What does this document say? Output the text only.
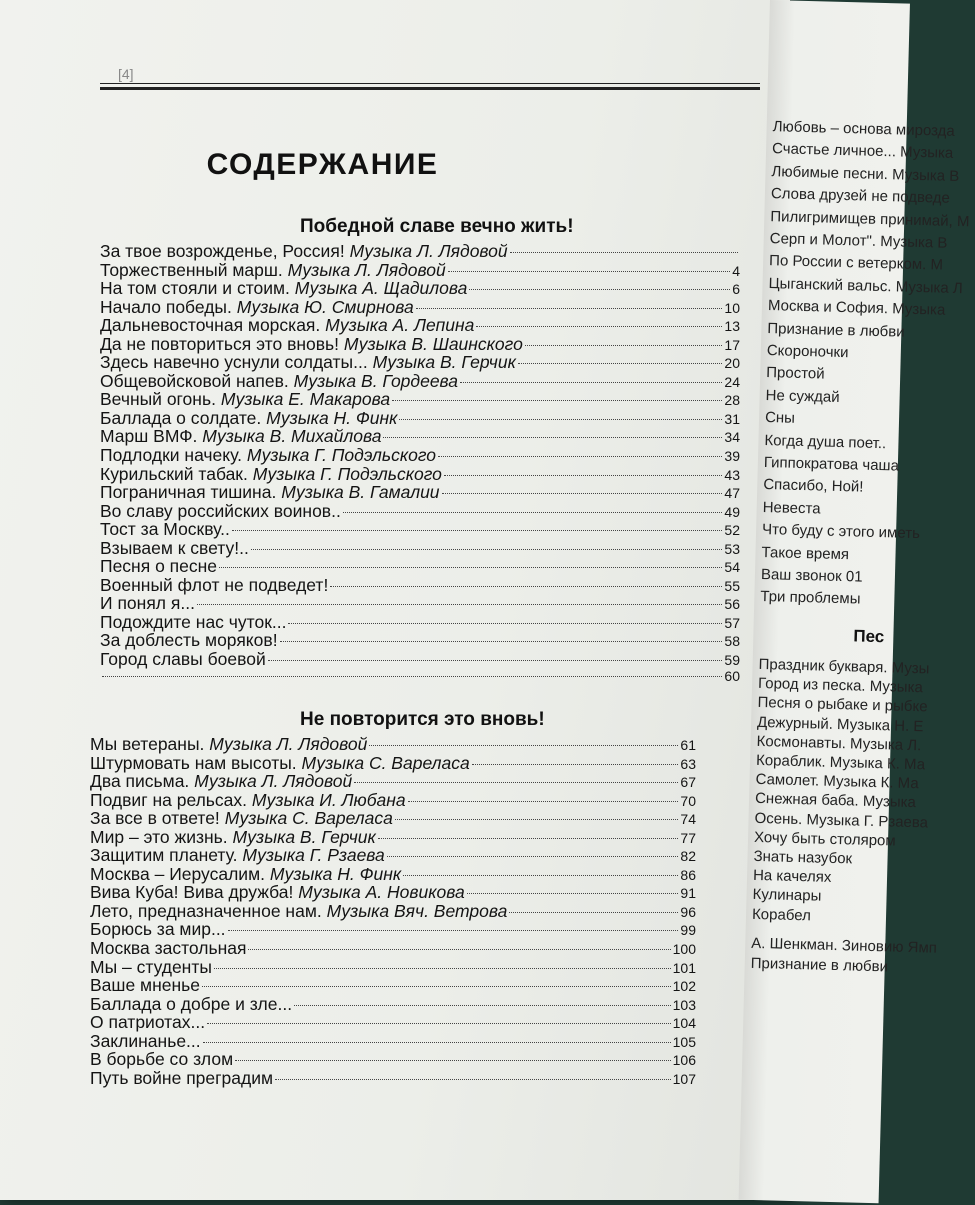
[4]
СОДЕРЖАНИЕ
Победной славе вечно жить!
За твое возрожденье, Россия! Музыка Л. Лядовой
Торжественный марш. Музыка Л. Лядовой	4
На том стояли и стоим. Музыка А. Щадилова	6
Начало победы. Музыка Ю. Смирнова	10
Дальневосточная морская. Музыка А. Лепина	13
Да не повториться это вновь! Музыка В. Шаинского	17
Здесь навечно уснули солдаты... Музыка В. Герчик	20
Общевойсковой напев. Музыка В. Гордеева	24
Вечный огонь. Музыка Е. Макарова	28
Баллада о солдате. Музыка Н. Финк	31
Марш ВМФ. Музыка В. Михайлова	34
Подлодки начеку. Музыка Г. Подэльского	39
Курильский табак. Музыка Г. Подэльского	43
Пограничная тишина. Музыка В. Гамалии	47
Во славу российских воинов..	49
Тост за Москву..	52
Взываем к свету!..	53
Песня о песне	54
Военный флот не подведет!	55
И понял я...	56
Подождите нас чуток...	57
За доблесть моряков!	58
Город славы боевой	59
60
Не повторится это вновь!
Мы ветераны. Музыка Л. Лядовой	61
Штурмовать нам высоты. Музыка С. Вареласа	63
Два письма. Музыка Л. Лядовой	67
Подвиг на рельсах. Музыка И. Любана	70
За все в ответе! Музыка С. Вареласа	74
Мир – это жизнь. Музыка В. Герчик	77
Защитим планету. Музыка Г. Рзаева	82
Москва – Иерусалим. Музыка Н. Финк	86
Вива Куба! Вива дружба! Музыка А. Новикова	91
Лето, предназначенное нам. Музыка Вяч. Ветрова	96
Борюсь за мир...	99
Москва застольная	100
Мы – студенты	101
Ваше мненье	102
Баллада о добре и зле...	103
О патриотах...	104
Заклинанье...	105
В борьбе со злом	106
Путь войне преградим	107
Любовь – основа мирозда
Счастье личное... Музыка
Любимые песни. Музыка В
Слова друзей не подведе
Пилигримищев принимай, М
Серп и Молот". Музыка В
По России с ветерком. М
Цыганский вальс. Музыка Л
Москва и София. Музыка
Признание в любви
Скороночки
Простой
Не суждай
Сны
Когда душа поет..
Гиппократова чаша
Спасибо, Ной!
Невеста
Что буду с этого иметь
Такое время
Ваш звонок 01
Три проблемы
Пес
Праздник букваря. Музы
Город из песка. Музыка
Песня о рыбаке и рыбке
Дежурный. Музыка Н. Е
Космонавты. Музыка Л.
Кораблик. Музыка К. Ма
Самолет. Музыка К. Ма
Снежная баба. Музыка
Осень. Музыка Г. Рзаева
Хочу быть столяром
Знать назубок
На качелях
Кулинары
Корабел
А. Шенкман. Зиновию Ямп
Признание в любви
